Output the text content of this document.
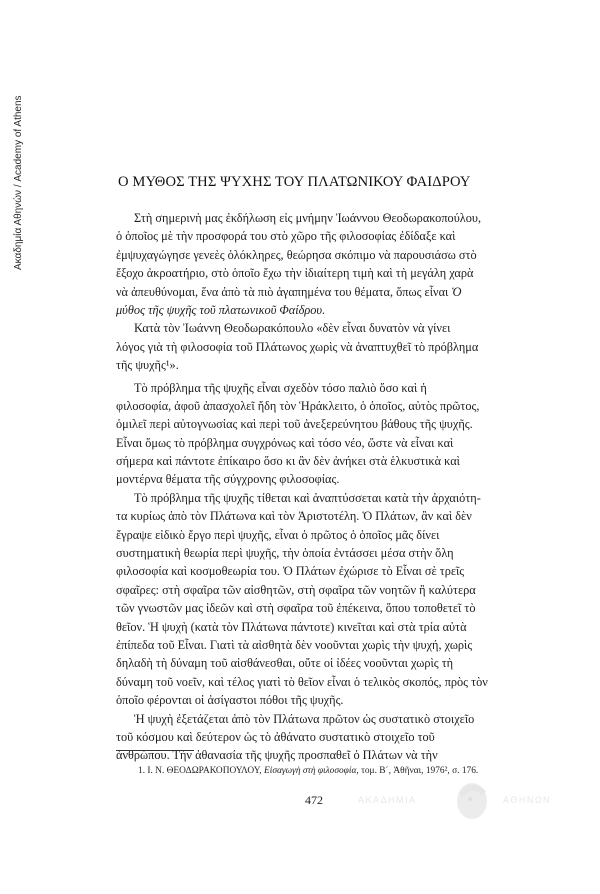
Ακαδημία Αθηνών / Academy of Athens	Ο ΜΥΘΟΣ ΤΗΣ ΨΥΧΗΣ ΤΟΥ ΠΛΑΤΩΝΙΚΟΥ ΦΑΙΔΡΟΥ
Στὴ σημερινὴ μας ἐκδήλωση εἰς μνήμην Ἰωάννου Θεοδωρακοπούλου,
ὁ ὁποῖος μὲ τὴν προσφορά του στὸ χῶρο τῆς φιλοσοφίας ἐδίδαξε καὶ
ἐμψυχαγώγησε γενεὲς ὁλόκληρες, θεώρησα σκόπιμο νὰ παρουσιάσω στὸ
ἔξοχο ἀκροατήριο, στὸ ὁποῖο ἔχω τὴν ἰδιαίτερη τιμὴ καὶ τὴ μεγάλη χαρὰ
νὰ ἀπευθύνομαι, ἕνα ἀπὸ τὰ πιὸ ἀγαπημένα του θέματα, ὅπως εἶναι Ὁ
μύθος τῆς ψυχῆς τοῦ πλατωνικοῦ Φαίδρου.
Κατὰ τὸν Ἰωάννη Θεοδωρακόπουλο «δὲν εἶναι δυνατὸν νὰ γίνει
λόγος γιὰ τὴ φιλοσοφία τοῦ Πλάτωνος χωρὶς νὰ ἀναπτυχθεῖ τὸ πρόβλημα
τῆς ψυχῆς¹».
Τὸ πρόβλημα τῆς ψυχῆς εἶναι σχεδὸν τόσο παλιὸ ὅσο καὶ ἡ
φιλοσοφία, ἀφοῦ ἀπασχολεῖ ἤδη τὸν Ἡράκλειτο, ὁ ὁποῖος, αὐτὸς πρῶτος,
ὁμιλεῖ περὶ αὐτογνωσίας καὶ περὶ τοῦ ἀνεξερεύνητου βάθους τῆς ψυχῆς.
Εἶναι ὅμως τὸ πρόβλημα συγχρόνως καὶ τόσο νέο, ὥστε νὰ εἶναι καὶ
σήμερα καὶ πάντοτε ἐπίκαιρο ὅσο κι ἂν δὲν ἀνήκει στὰ ἑλκυστικὰ καὶ
μοντέρνα θέματα τῆς σύγχρονης φιλοσοφίας.
Τὸ πρόβλημα τῆς ψυχῆς τίθεται καὶ ἀναπτύσσεται κατὰ τὴν ἀρχαιότη-
τα κυρίως ἀπὸ τὸν Πλάτωνα καὶ τὸν Ἀριστοτέλη. Ὁ Πλάτων, ἂν καὶ δὲν
ἔγραψε εἰδικὸ ἔργο περὶ ψυχῆς, εἶναι ὁ πρῶτος ὁ ὁποῖος μᾶς δίνει
συστηματικὴ θεωρία περὶ ψυχῆς, τὴν ὁποία ἐντάσσει μέσα στὴν ὅλη
φιλοσοφία καὶ κοσμοθεωρία του. Ὁ Πλάτων ἐχώρισε τὸ Εἶναι σὲ τρεῖς
σφαῖρες: στὴ σφαῖρα τῶν αἰσθητῶν, στὴ σφαῖρα τῶν νοητῶν ἢ καλύτερα
τῶν γνωστῶν μας ἰδεῶν καὶ στὴ σφαῖρα τοῦ ἐπέκεινα, ὅπου τοποθετεῖ τὸ
θεῖον. Ἡ ψυχὴ (κατὰ τὸν Πλάτωνα πάντοτε) κινεῖται καὶ στὰ τρία αὐτὰ
ἐπίπεδα τοῦ Εἶναι. Γιατὶ τὰ αἰσθητὰ δὲν νοοῦνται χωρὶς τὴν ψυχή, χωρὶς
δηλαδὴ τὴ δύναμη τοῦ αἰσθάνεσθαι, οὔτε οἱ ἰδέες νοοῦνται χωρὶς τὴ
δύναμη τοῦ νοεῖν, καὶ τέλος γιατὶ τὸ θεῖον εἶναι ὁ τελικὸς σκοπός, πρὸς τὸν
ὁποῖο φέρονται οἱ ἀσίγαστοι πόθοι τῆς ψυχῆς.
Ἡ ψυχὴ ἐξετάζεται ἀπὸ τὸν Πλάτωνα πρῶτον ὡς συστατικὸ στοιχεῖο
τοῦ κόσμου καὶ δεύτερον ὡς τὸ ἀθάνατο συστατικὸ στοιχεῖο τοῦ
ἀνθρώπου. Τὴν ἀθανασία τῆς ψυχῆς προσπαθεῖ ὁ Πλάτων νὰ τὴν
1. Ι. Ν. ΘΕΟΔΩΡΑΚΟΠΟΥΛΟΥ, Εἰσαγωγὴ στὴ φιλοσοφία, τομ. Β΄, Ἀθῆναι, 1976², σ. 176.
472	ΑΚΑΔΗΜΙΑ	ΑΘΗΝΩΝ
